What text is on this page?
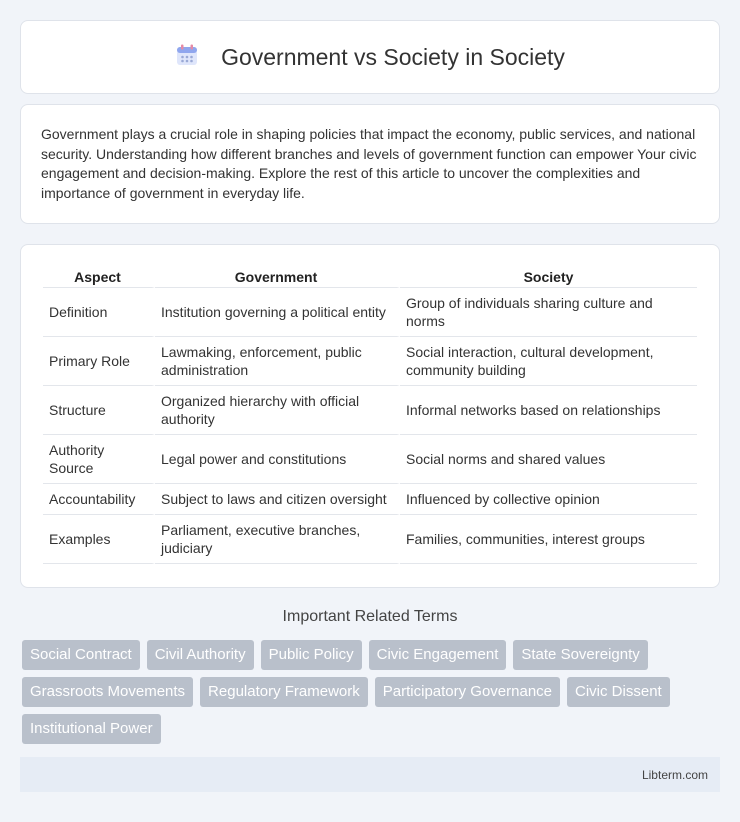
Government vs Society in Society

Government plays a crucial role in shaping policies that impact the economy, public services, and national security. Understanding how different branches and levels of government function can empower Your civic engagement and decision-making. Explore the rest of this article to uncover the complexities and importance of government in everyday life.

Aspect	Government	Society
Definition	Institution governing a political entity	Group of individuals sharing culture and norms
Primary Role	Lawmaking, enforcement, public administration	Social interaction, cultural development, community building
Structure	Organized hierarchy with official authority	Informal networks based on relationships
Authority Source	Legal power and constitutions	Social norms and shared values
Accountability	Subject to laws and citizen oversight	Influenced by collective opinion
Examples	Parliament, executive branches, judiciary	Families, communities, interest groups
Important Related Terms
Social Contract	Civil Authority	Public Policy	Civic Engagement	State Sovereignty
Grassroots Movements	Regulatory Framework	Participatory Governance	Civic Dissent
Institutional Power
Libterm.com
